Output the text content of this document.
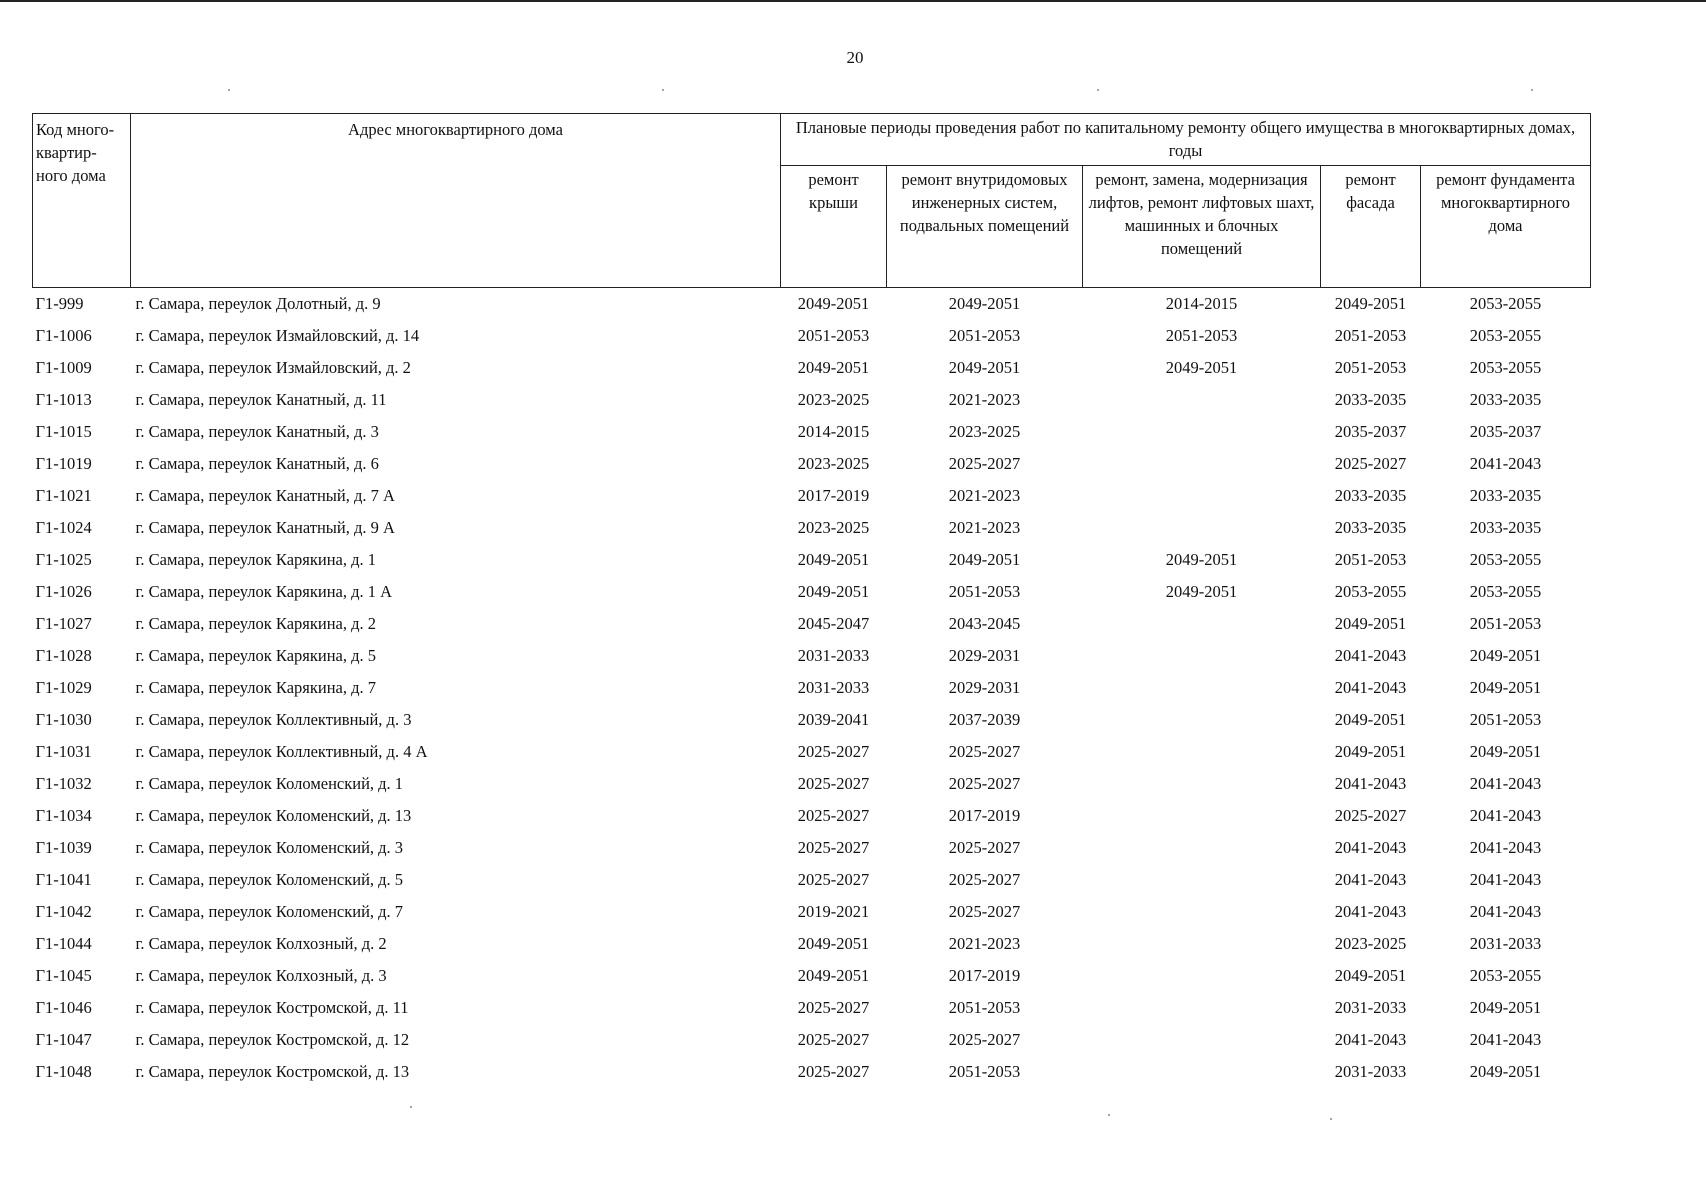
20
Код много- квартир- ного дома	Адрес многоквартирного дома	Плановые периоды проведения работ по капитальному ремонту общего имущества в многоквартирных домах, годы				
		ремонт крыши	ремонт внутридомовых инженерных систем, подвальных помещений	ремонт, замена, модернизация лифтов, ремонт лифтовых шахт, машинных и блочных помещений	ремонт фасада	ремонт фундамента многоквартирного дома
Г1-999	г. Самара, переулок Долотный, д. 9	2049-2051	2049-2051	2014-2015	2049-2051	2053-2055
Г1-1006	г. Самара, переулок Измайловский, д. 14	2051-2053	2051-2053	2051-2053	2051-2053	2053-2055
Г1-1009	г. Самара, переулок Измайловский, д. 2	2049-2051	2049-2051	2049-2051	2051-2053	2053-2055
Г1-1013	г. Самара, переулок Канатный, д. 11	2023-2025	2021-2023		2033-2035	2033-2035
Г1-1015	г. Самара, переулок Канатный, д. 3	2014-2015	2023-2025		2035-2037	2035-2037
Г1-1019	г. Самара, переулок Канатный, д. 6	2023-2025	2025-2027		2025-2027	2041-2043
Г1-1021	г. Самара, переулок Канатный, д. 7 А	2017-2019	2021-2023		2033-2035	2033-2035
Г1-1024	г. Самара, переулок Канатный, д. 9 А	2023-2025	2021-2023		2033-2035	2033-2035
Г1-1025	г. Самара, переулок Карякина, д. 1	2049-2051	2049-2051	2049-2051	2051-2053	2053-2055
Г1-1026	г. Самара, переулок Карякина, д. 1 А	2049-2051	2051-2053	2049-2051	2053-2055	2053-2055
Г1-1027	г. Самара, переулок Карякина, д. 2	2045-2047	2043-2045		2049-2051	2051-2053
Г1-1028	г. Самара, переулок Карякина, д. 5	2031-2033	2029-2031		2041-2043	2049-2051
Г1-1029	г. Самара, переулок Карякина, д. 7	2031-2033	2029-2031		2041-2043	2049-2051
Г1-1030	г. Самара, переулок Коллективный, д. 3	2039-2041	2037-2039		2049-2051	2051-2053
Г1-1031	г. Самара, переулок Коллективный, д. 4 А	2025-2027	2025-2027		2049-2051	2049-2051
Г1-1032	г. Самара, переулок Коломенский, д. 1	2025-2027	2025-2027		2041-2043	2041-2043
Г1-1034	г. Самара, переулок Коломенский, д. 13	2025-2027	2017-2019		2025-2027	2041-2043
Г1-1039	г. Самара, переулок Коломенский, д. 3	2025-2027	2025-2027		2041-2043	2041-2043
Г1-1041	г. Самара, переулок Коломенский, д. 5	2025-2027	2025-2027		2041-2043	2041-2043
Г1-1042	г. Самара, переулок Коломенский, д. 7	2019-2021	2025-2027		2041-2043	2041-2043
Г1-1044	г. Самара, переулок Колхозный, д. 2	2049-2051	2021-2023		2023-2025	2031-2033
Г1-1045	г. Самара, переулок Колхозный, д. 3	2049-2051	2017-2019		2049-2051	2053-2055
Г1-1046	г. Самара, переулок Костромской, д. 11	2025-2027	2051-2053		2031-2033	2049-2051
Г1-1047	г. Самара, переулок Костромской, д. 12	2025-2027	2025-2027		2041-2043	2041-2043
Г1-1048	г. Самара, переулок Костромской, д. 13	2025-2027	2051-2053		2031-2033	2049-2051
